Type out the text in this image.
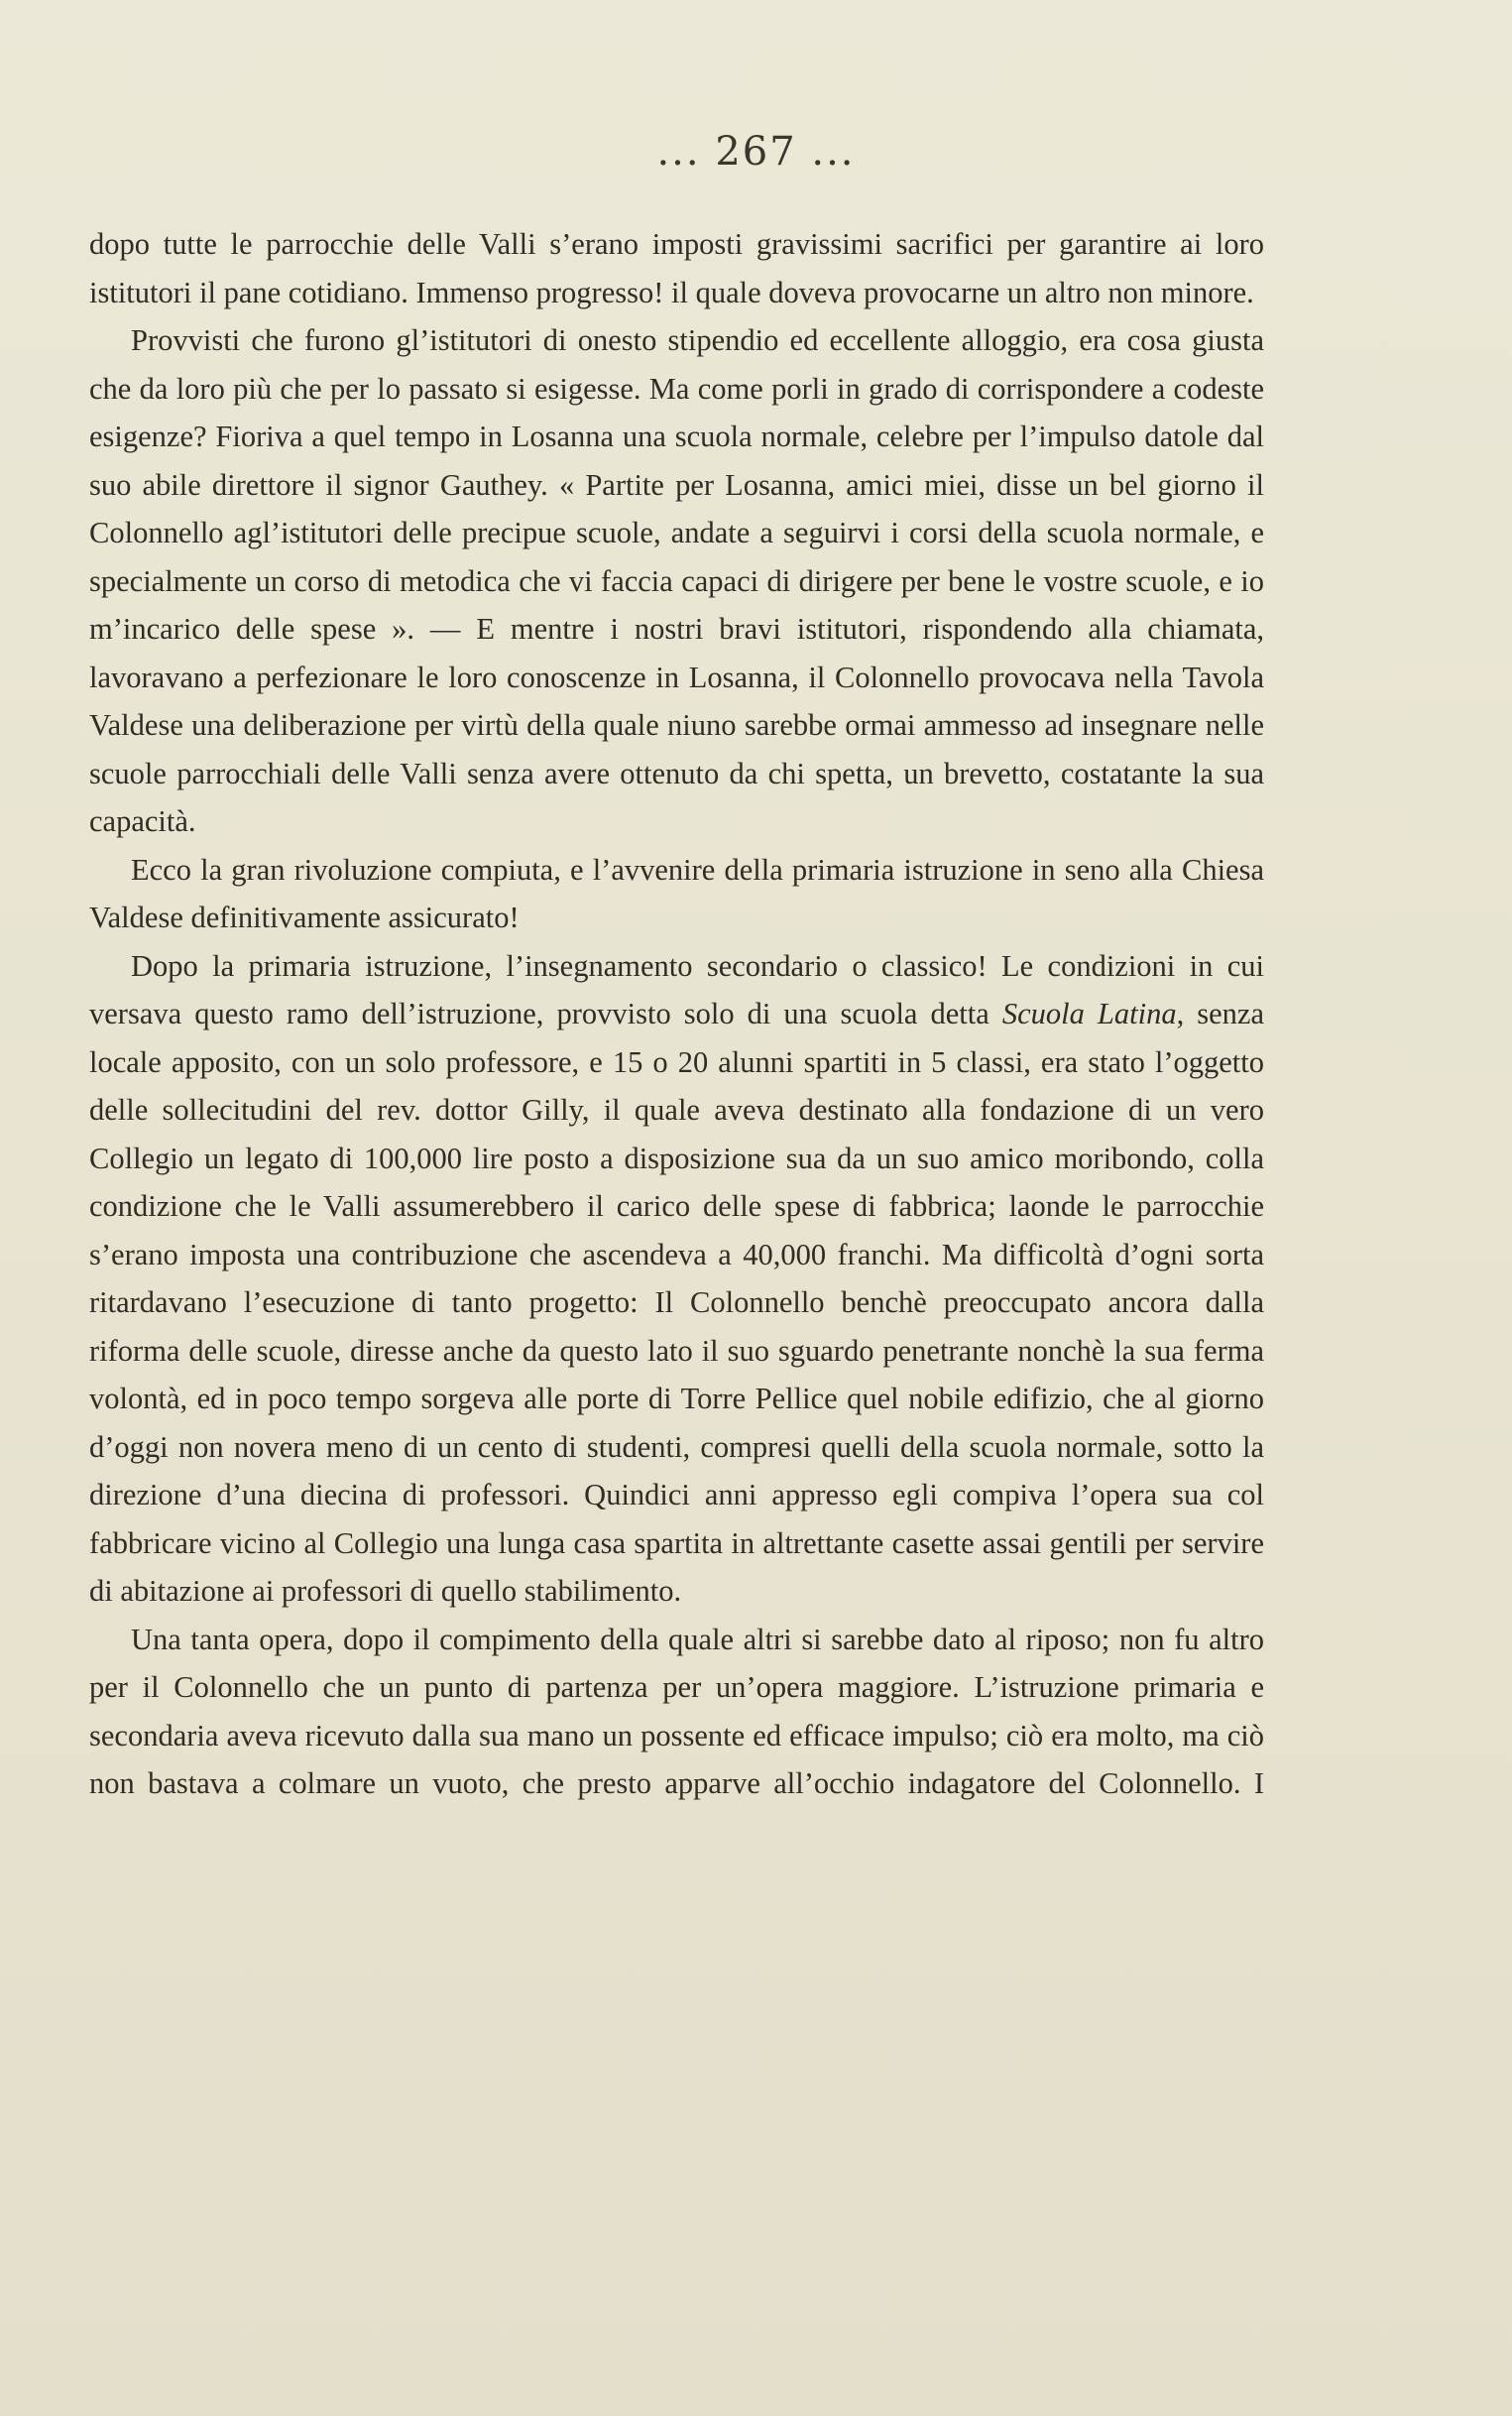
... 267 ...

dopo tutte le parrocchie delle Valli s’erano imposti gravissimi sacrifici per garantire ai loro istitutori il pane cotidiano. Immenso progresso! il quale doveva provocarne un altro non minore.

Provvisti che furono gl’istitutori di onesto stipendio ed eccellente alloggio, era cosa giusta che da loro più che per lo passato si esigesse. Ma come porli in grado di corrispondere a codeste esigenze? Fioriva a quel tempo in Losanna una scuola normale, celebre per l’impulso datole dal suo abile direttore il signor Gauthey. « Partite per Losanna, amici miei, disse un bel giorno il Colonnello agl’istitutori delle precipue scuole, andate a seguirvi i corsi della scuola normale, e specialmente un corso di metodica che vi faccia capaci di dirigere per bene le vostre scuole, e io m’incarico delle spese ». — E mentre i nostri bravi istitutori, rispondendo alla chiamata, lavoravano a perfezionare le loro conoscenze in Losanna, il Colonnello provocava nella Tavola Valdese una deliberazione per virtù della quale niuno sarebbe ormai ammesso ad insegnare nelle scuole parrocchiali delle Valli senza avere ottenuto da chi spetta, un brevetto, costatante la sua capacità.

Ecco la gran rivoluzione compiuta, e l’avvenire della primaria istruzione in seno alla Chiesa Valdese definitivamente assicurato!

Dopo la primaria istruzione, l’insegnamento secondario o classico! Le condizioni in cui versava questo ramo dell’istruzione, provvisto solo di una scuola detta Scuola Latina, senza locale apposito, con un solo professore, e 15 o 20 alunni spartiti in 5 classi, era stato l’oggetto delle sollecitudini del rev. dottor Gilly, il quale aveva destinato alla fondazione di un vero Collegio un legato di 100,000 lire posto a disposizione sua da un suo amico moribondo, colla condizione che le Valli assumerebbero il carico delle spese di fabbrica; laonde le parrocchie s’erano imposta una contribuzione che ascendeva a 40,000 franchi. Ma difficoltà d’ogni sorta ritardavano l’esecuzione di tanto progetto: Il Colonnello benchè preoccupato ancora dalla riforma delle scuole, diresse anche da questo lato il suo sguardo penetrante nonchè la sua ferma volontà, ed in poco tempo sorgeva alle porte di Torre Pellice quel nobile edifizio, che al giorno d’oggi non novera meno di un cento di studenti, compresi quelli della scuola normale, sotto la direzione d’una diecina di professori. Quindici anni appresso egli compiva l’opera sua col fabbricare vicino al Collegio una lunga casa spartita in altrettante casette assai gentili per servire di abitazione ai professori di quello stabilimento.

Una tanta opera, dopo il compimento della quale altri si sarebbe dato al riposo; non fu altro per il Colonnello che un punto di partenza per un’opera maggiore. L’istruzione primaria e secondaria aveva ricevuto dalla sua mano un possente ed efficace impulso; ciò era molto, ma ciò non bastava a colmare un vuoto, che presto apparve all’occhio indagatore del Colonnello. I
